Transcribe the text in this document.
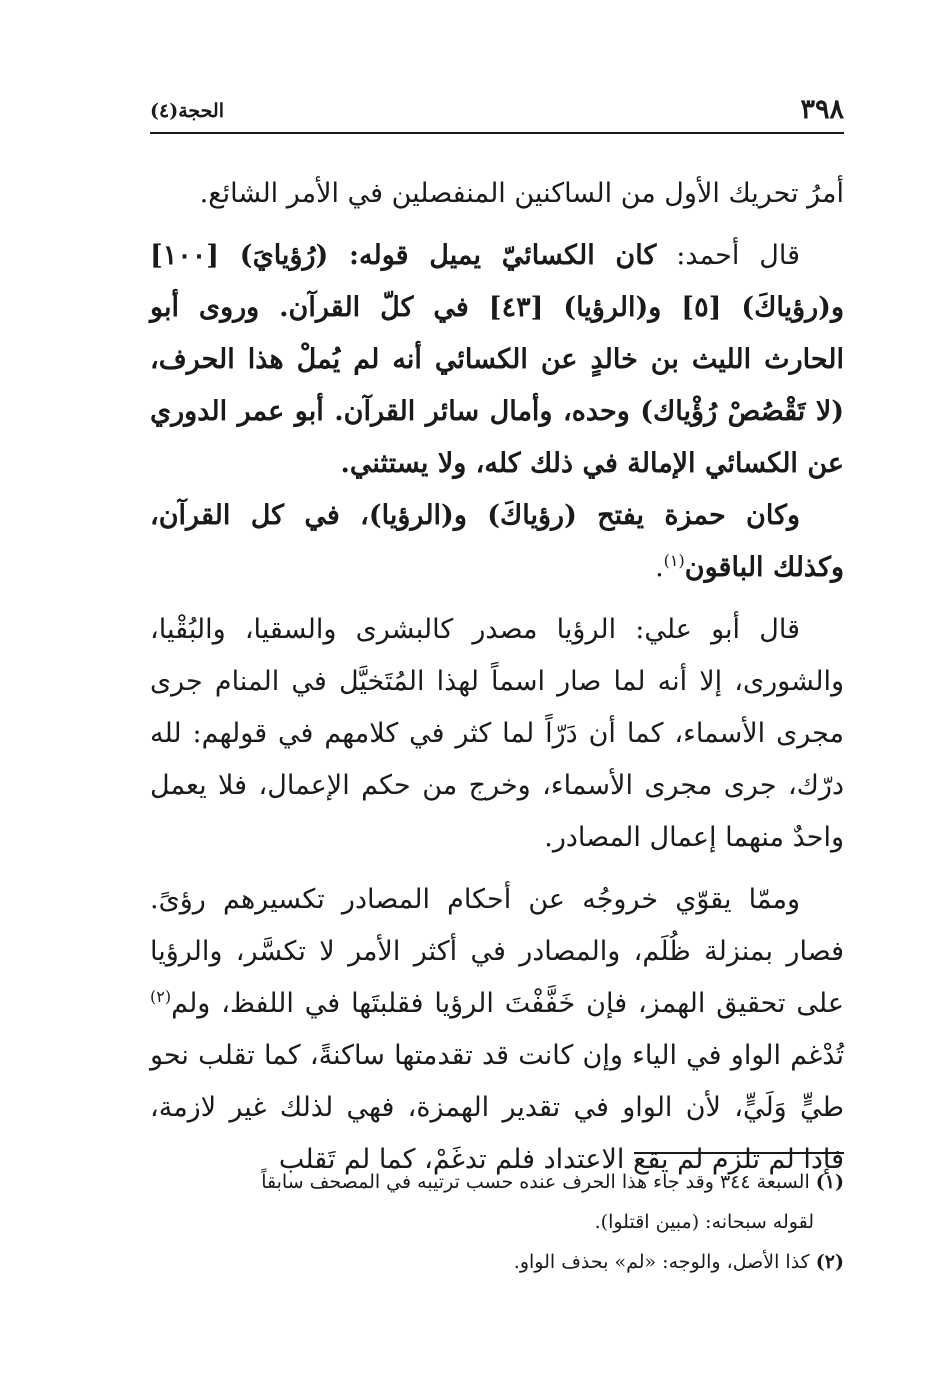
٣٩٨
الحجة(٤)

أمرُ تحريك الأول من الساكنين المنفصلين في الأمر الشائع.

قال أحمد: كان الكسائيّ يميل قوله: (رُؤيايَ) [١٠٠] و(رؤياكَ) [٥] و(الرؤيا) [٤٣] في كلّ القرآن. وروى أبو الحارث الليث بن خالدٍ عن الكسائي أنه لم يُملْ هذا الحرف، (لا تَقْصُصْ رُؤْياك) وحده، وأمال سائر القرآن. أبو عمر الدوري عن الكسائي الإمالة في ذلك كله، ولا يستثني.

وكان حمزة يفتح (رؤياكَ) و(الرؤيا)، في كل القرآن، وكذلك الباقون$^{(١)}$.

قال أبو علي: الرؤيا مصدر كالبشرى والسقيا، والبُقْيا، والشورى، إلا أنه لما صار اسماً لهذا المُتَخيَّل في المنام جرى مجرى الأسماء، كما أن دَرّاً لما كثر في كلامهم في قولهم: لله درّك، جرى مجرى الأسماء، وخرج من حكم الإعمال، فلا يعمل واحدٌ منهما إعمال المصادر.

وممّا يقوّي خروجُه عن أحكام المصادر تكسيرهم رؤىً. فصار بمنزلة ظُلَم، والمصادر في أكثر الأمر لا تكسَّر، والرؤيا على تحقيق الهمز، فإن خَفَّفْتَ الرؤيا فقلبتَها في اللفظ، ولم$^{(٢)}$ تُدْغم الواو في الياء وإن كانت قد تقدمتها ساكنةً، كما تقلب نحو طيٍّ وَلَيٍّ، لأن الواو في تقدير الهمزة، فهي لذلك غير لازمة، فإذا لم تلزم لم يقع الاعتداد فلم تدغَمْ، كما لم تَقلب

(١) السبعة ٣٤٤ وقد جاء هذا الحرف عنده حسب ترتيبه في المصحف سابقاً

لقوله سبحانه: (مبين اقتلوا).

(٢) كذا الأصل، والوجه: «لم» بحذف الواو.
